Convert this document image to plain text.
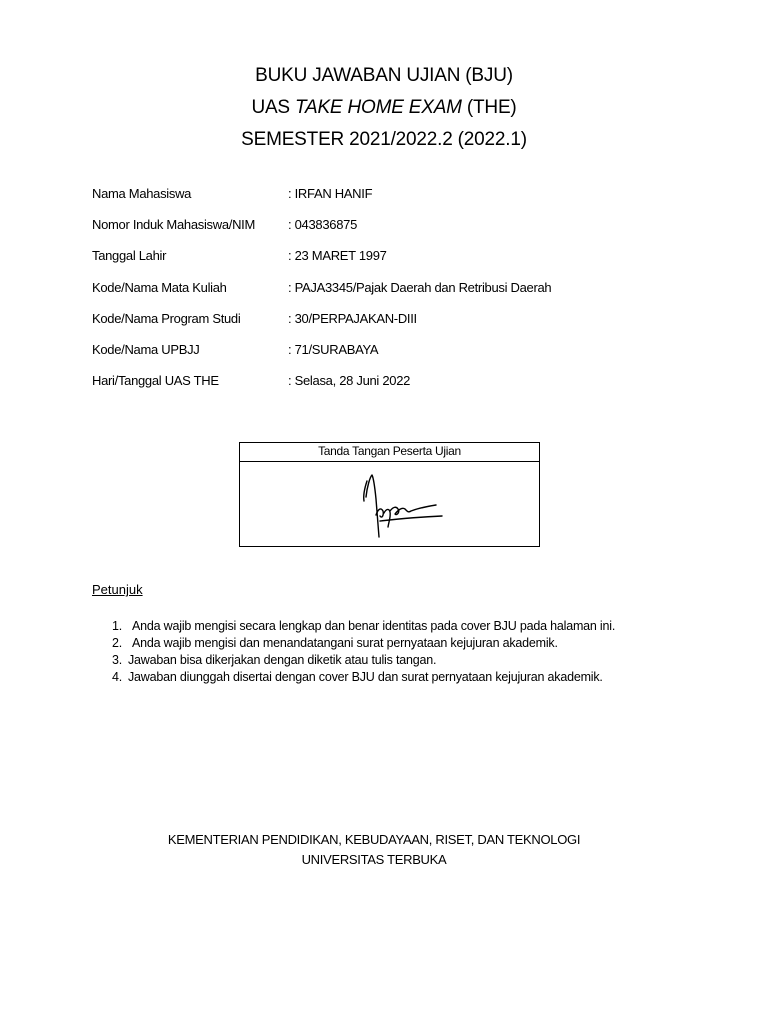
BUKU JAWABAN UJIAN (BJU)
UAS TAKE HOME EXAM (THE)
SEMESTER 2021/2022.2 (2022.1)
Nama Mahasiswa	: IRFAN HANIF
Nomor Induk Mahasiswa/NIM	: 043836875
Tanggal Lahir	: 23 MARET 1997
Kode/Nama Mata Kuliah	: PAJA3345/Pajak Daerah dan Retribusi Daerah
Kode/Nama Program Studi	: 30/PERPAJAKAN-DIII
Kode/Nama UPBJJ	: 71/SURABAYA
Hari/Tanggal UAS THE	: Selasa, 28 Juni 2022
Tanda Tangan Peserta Ujian
Petunjuk
1. Anda wajib mengisi secara lengkap dan benar identitas pada cover BJU pada halaman ini.
2. Anda wajib mengisi dan menandatangani surat pernyataan kejujuran akademik.
3. Jawaban bisa dikerjakan dengan diketik atau tulis tangan.
4. Jawaban diunggah disertai dengan cover BJU dan surat pernyataan kejujuran akademik.
KEMENTERIAN PENDIDIKAN, KEBUDAYAAN, RISET, DAN TEKNOLOGI
UNIVERSITAS TERBUKA
